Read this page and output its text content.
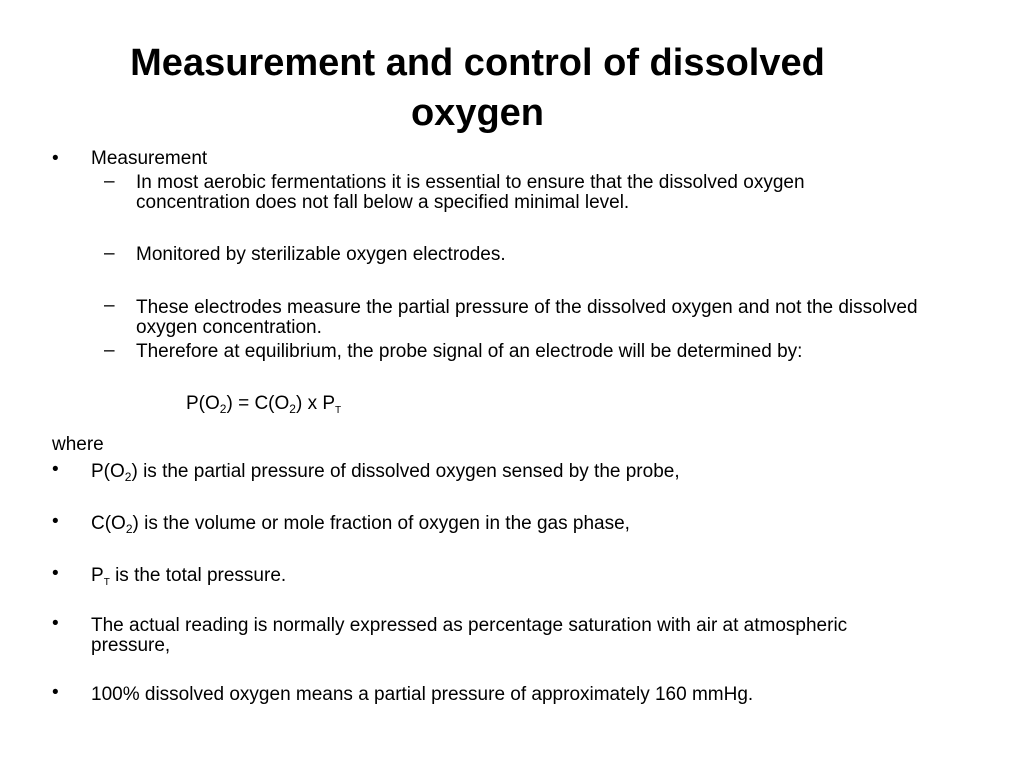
Measurement and control of dissolved oxygen
• Measurement
– In most aerobic fermentations it is essential to ensure that the dissolved oxygen concentration does not fall below a specified minimal level.
– Monitored by sterilizable oxygen electrodes.
– These electrodes measure the partial pressure of the dissolved oxygen and not the dissolved oxygen concentration.
– Therefore at equilibrium, the probe signal of an electrode will be determined by:
$P(O_2) = C(O_2)$ x $P_T$
where
• $P(O_2)$ is the partial pressure of dissolved oxygen sensed by the probe,
• $C(O_2)$ is the volume or mole fraction of oxygen in the gas phase,
• $P_T$ is the total pressure.
• The actual reading is normally expressed as percentage saturation with air at atmospheric pressure,
• 100% dissolved oxygen means a partial pressure of approximately 160 mmHg.
